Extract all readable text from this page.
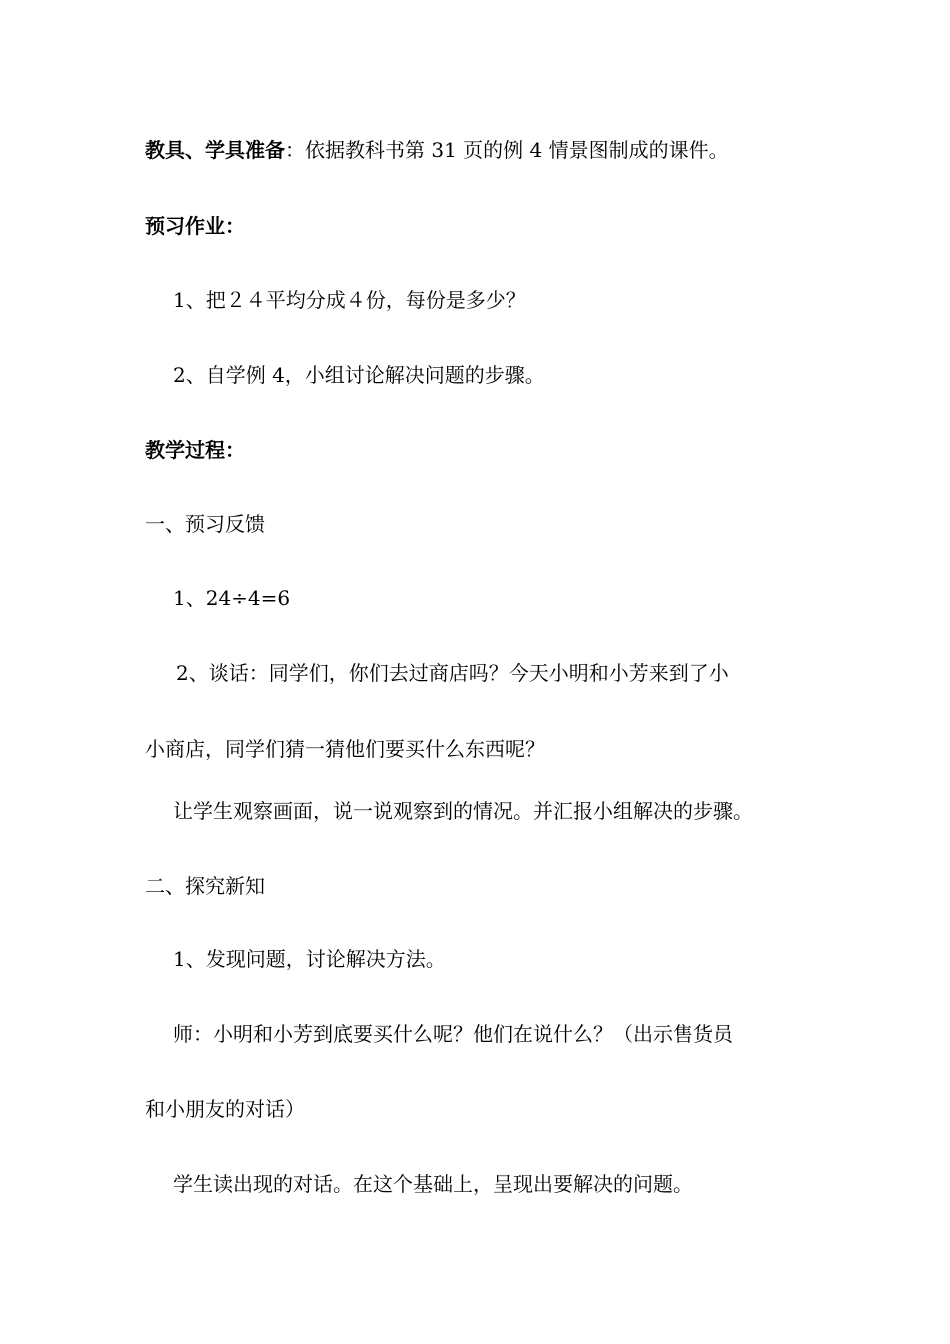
教具、学具准备：依据教科书第 31 页的例 4 情景图制成的课件。
预习作业：
1、把２４平均分成４份，每份是多少？
2、自学例 4，小组讨论解决问题的步骤。
教学过程：
一、预习反馈
1、24÷4=6
2、谈话：同学们，你们去过商店吗？今天小明和小芳来到了小
小商店，同学们猜一猜他们要买什么东西呢？
让学生观察画面，说一说观察到的情况。并汇报小组解决的步骤。
二、探究新知
1、发现问题，讨论解决方法。
师：小明和小芳到底要买什么呢？他们在说什么？（出示售货员
和小朋友的对话）
学生读出现的对话。在这个基础上，呈现出要解决的问题。
